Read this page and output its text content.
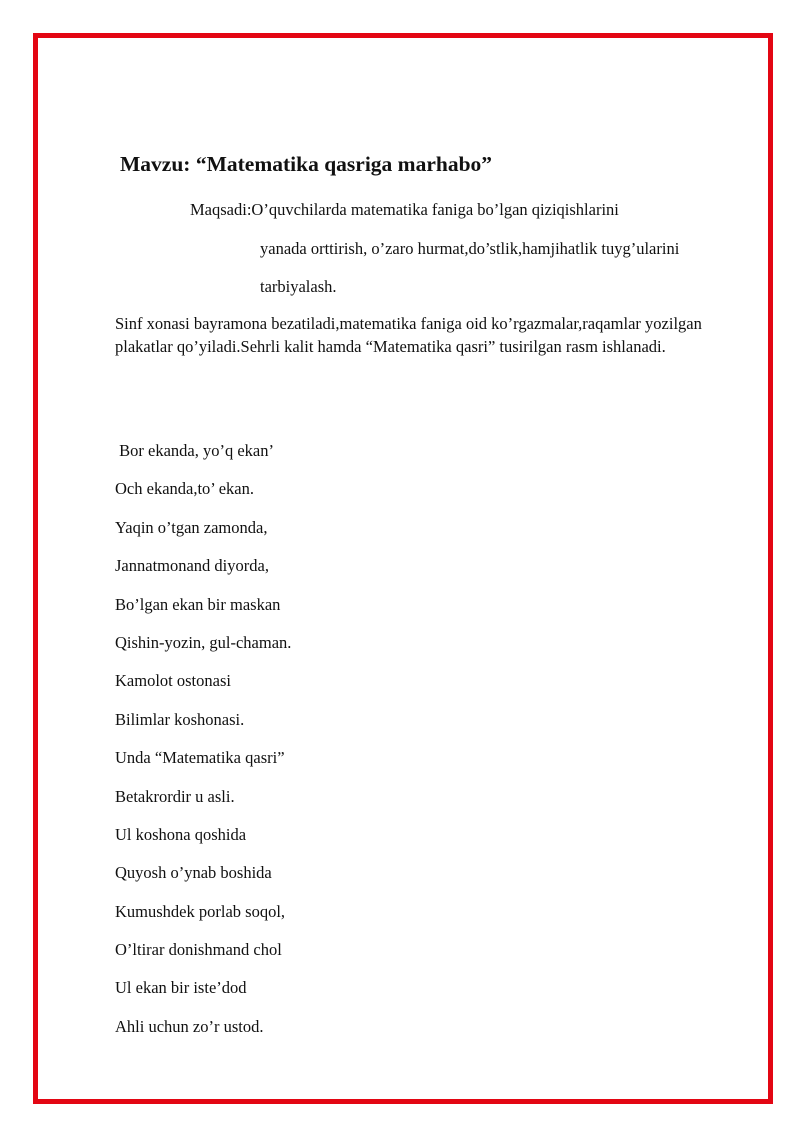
Mavzu: “Matematika qasriga marhabo”
Maqsadi:O’quvchilarda matematika faniga bo’lgan qiziqishlarini
yanada orttirish, o’zaro hurmat,do’stlik,hamjihatlik tuyg’ularini
tarbiyalash.

Sinf xonasi bayramona bezatiladi,matematika faniga oid ko’rgazmalar,raqamlar yozilgan plakatlar qo’yiladi.Sehrli kalit hamda “Matematika qasri” tusirilgan rasm ishlanadi.

Bor ekanda, yo’q ekan’
Och ekanda,to’ ekan.
Yaqin o’tgan zamonda,
Jannatmonand diyorda,
Bo’lgan ekan bir maskan
Qishin-yozin, gul-chaman.
Kamolot ostonasi
Bilimlar koshonasi.
Unda “Matematika qasri”
Betakrordir u asli.
Ul koshona qoshida
Quyosh o’ynab boshida
Kumushdek porlab soqol,
O’ltirar donishmand chol
Ul ekan bir iste’dod
Ahli uchun zo’r ustod.
